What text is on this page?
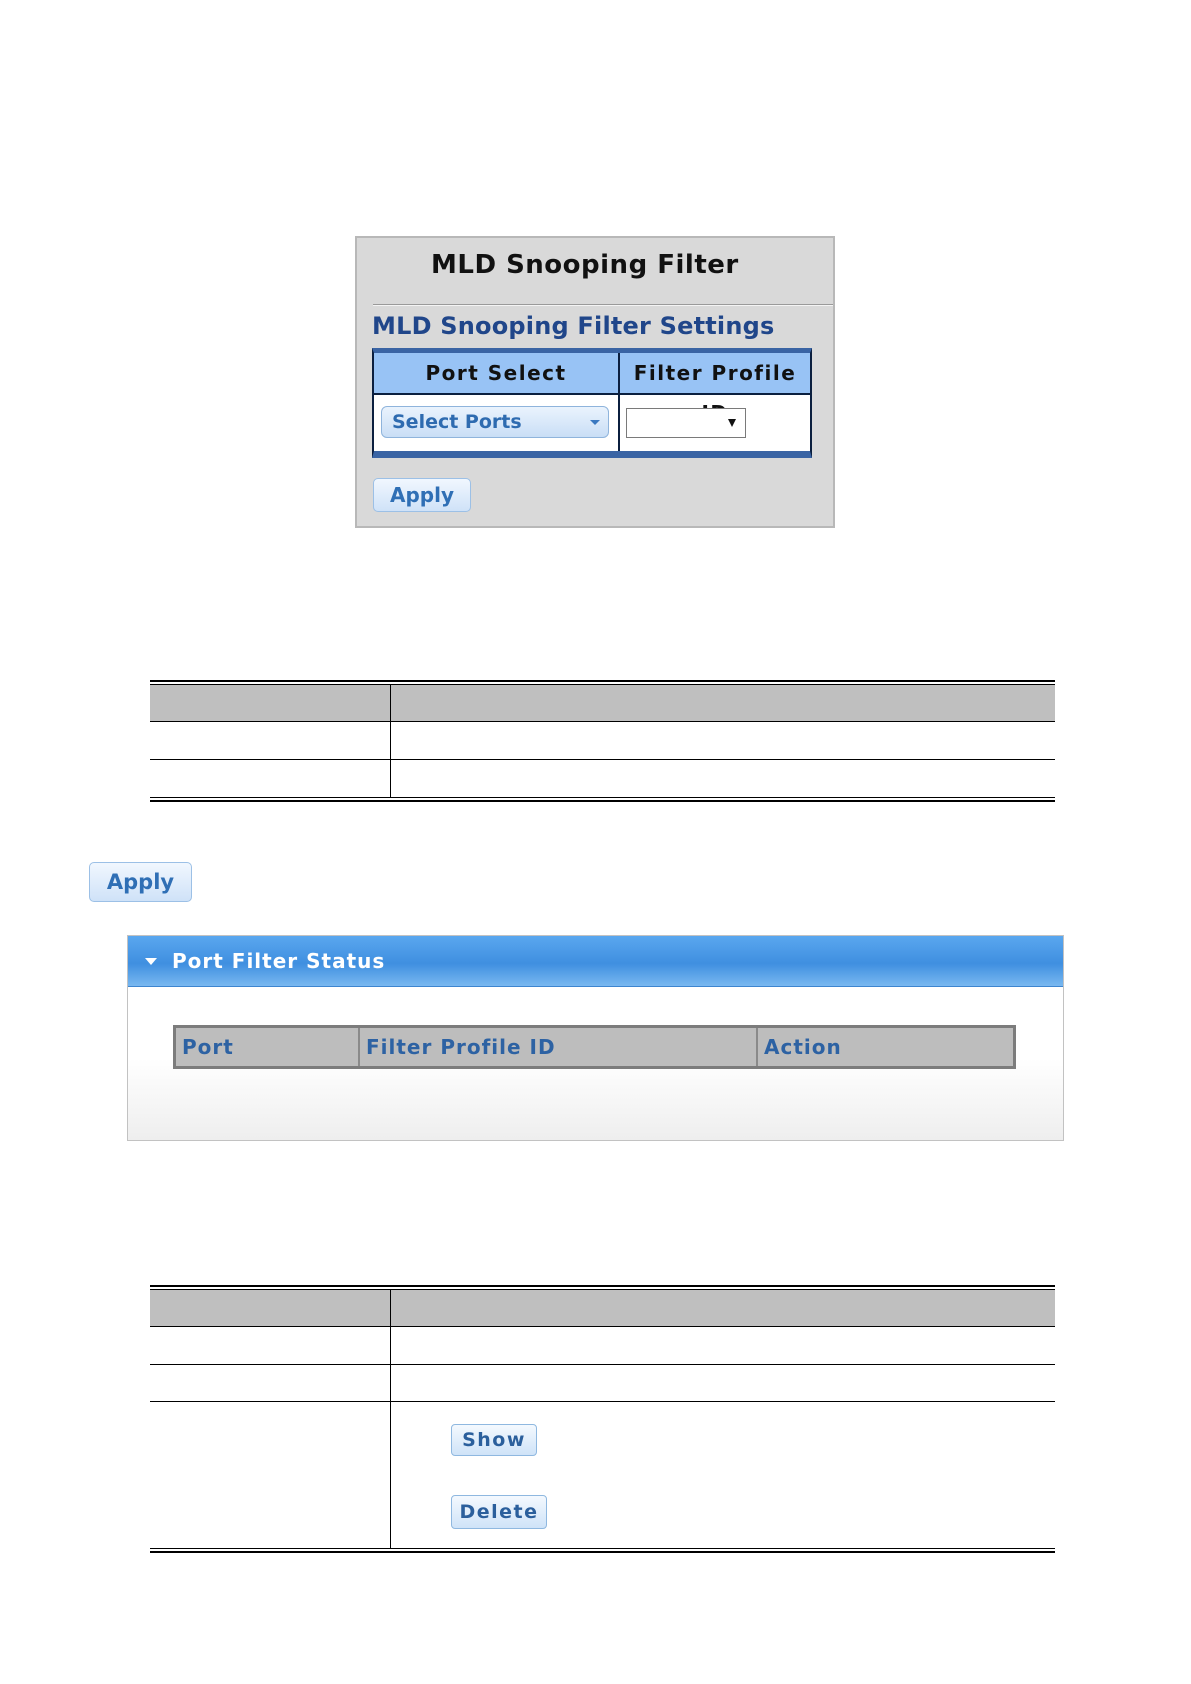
MLD Snooping Filter
MLD Snooping Filter Settings
Port Select	Filter Profile
Select Ports
Apply
Apply
Port Filter Status
Port	Filter Profile ID	Action
Show
Delete
